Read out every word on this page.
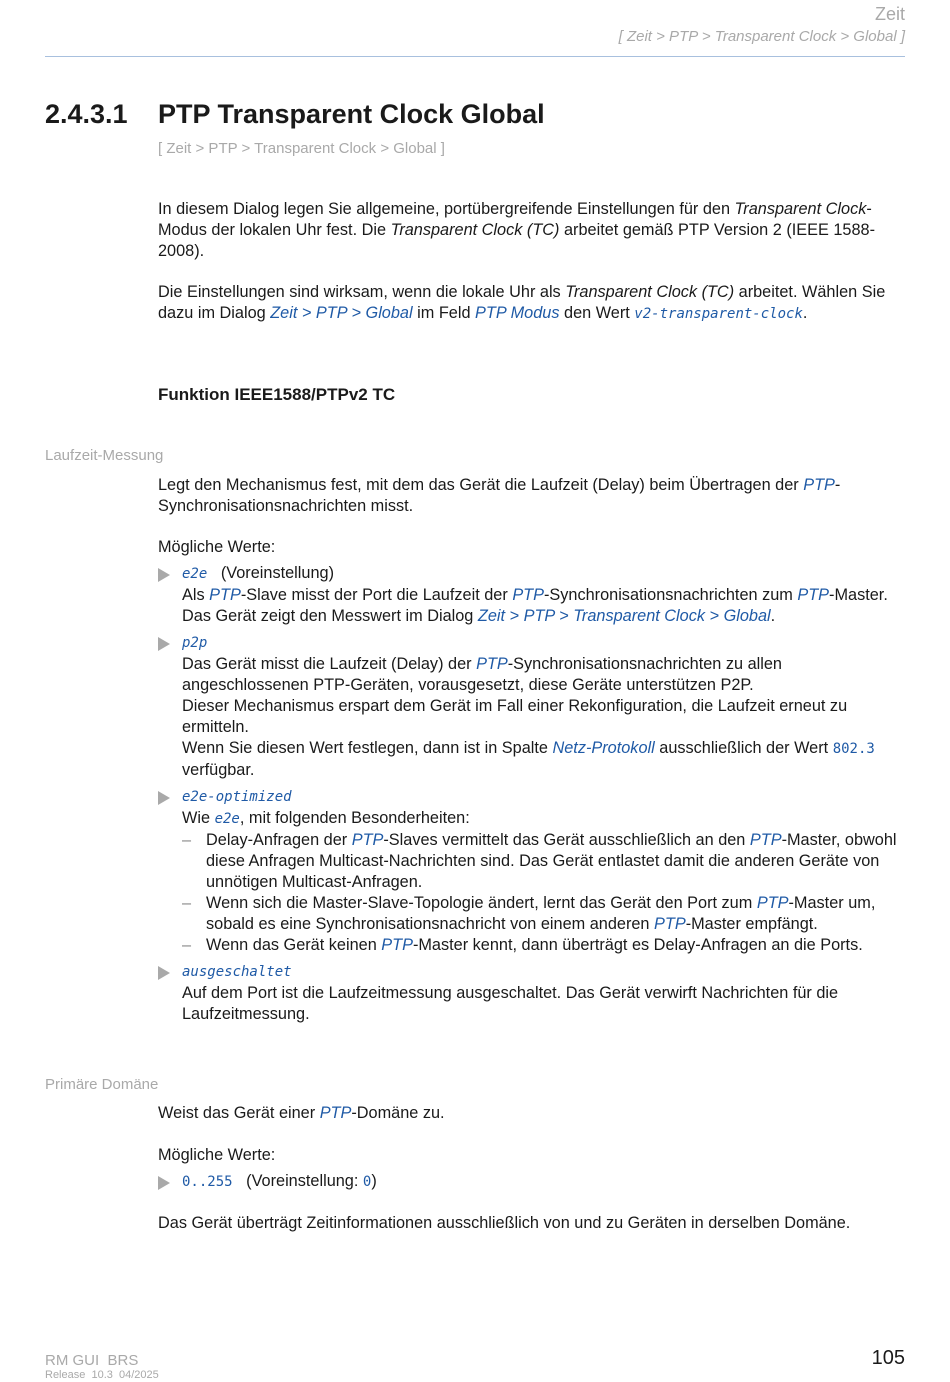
Zeit
[ Zeit > PTP > Transparent Clock > Global ]
2.4.3.1 PTP Transparent Clock Global
[ Zeit > PTP > Transparent Clock > Global ]
In diesem Dialog legen Sie allgemeine, portübergreifende Einstellungen für den Transparent Clock-Modus der lokalen Uhr fest. Die Transparent Clock (TC) arbeitet gemäß PTP Version 2 (IEEE 1588-2008).
Die Einstellungen sind wirksam, wenn die lokale Uhr als Transparent Clock (TC) arbeitet. Wählen Sie dazu im Dialog Zeit > PTP > Global im Feld PTP Modus den Wert v2-transparent-clock.
Funktion IEEE1588/PTPv2 TC
Laufzeit-Messung
Legt den Mechanismus fest, mit dem das Gerät die Laufzeit (Delay) beim Übertragen der PTP-Synchronisationsnachrichten misst.
Mögliche Werte:

e2e (Voreinstellung)

Als PTP-Slave misst der Port die Laufzeit der PTP-Synchronisationsnachrichten zum PTP-Master.

Das Gerät zeigt den Messwert im Dialog Zeit > PTP > Transparent Clock > Global.

p2p

Das Gerät misst die Laufzeit (Delay) der PTP-Synchronisationsnachrichten zu allen angeschlossenen PTP-Geräten, vorausgesetzt, diese Geräte unterstützen P2P.

Dieser Mechanismus erspart dem Gerät im Fall einer Rekonfiguration, die Laufzeit erneut zu ermitteln.

Wenn Sie diesen Wert festlegen, dann ist in Spalte Netz-Protokoll ausschließlich der Wert 802.3 verfügbar.

e2e-optimized

Wie e2e, mit folgenden Besonderheiten:

– Delay-Anfragen der PTP-Slaves vermittelt das Gerät ausschließlich an den PTP-Master, obwohl diese Anfragen Multicast-Nachrichten sind. Das Gerät entlastet damit die anderen Geräte von unnötigen Multicast-Anfragen.
– Wenn sich die Master-Slave-Topologie ändert, lernt das Gerät den Port zum PTP-Master um, sobald es eine Synchronisationsnachricht von einem anderen PTP-Master empfängt.
– Wenn das Gerät keinen PTP-Master kennt, dann überträgt es Delay-Anfragen an die Ports.

ausgeschaltet

Auf dem Port ist die Laufzeitmessung ausgeschaltet. Das Gerät verwirft Nachrichten für die Laufzeitmessung.

Primäre Domäne
Weist das Gerät einer PTP-Domäne zu.
Mögliche Werte:

0..255 (Voreinstellung: 0)

Das Gerät überträgt Zeitinformationen ausschließlich von und zu Geräten in derselben Domäne.
RM GUI  BRS
Release  10.3  04/2025
105
